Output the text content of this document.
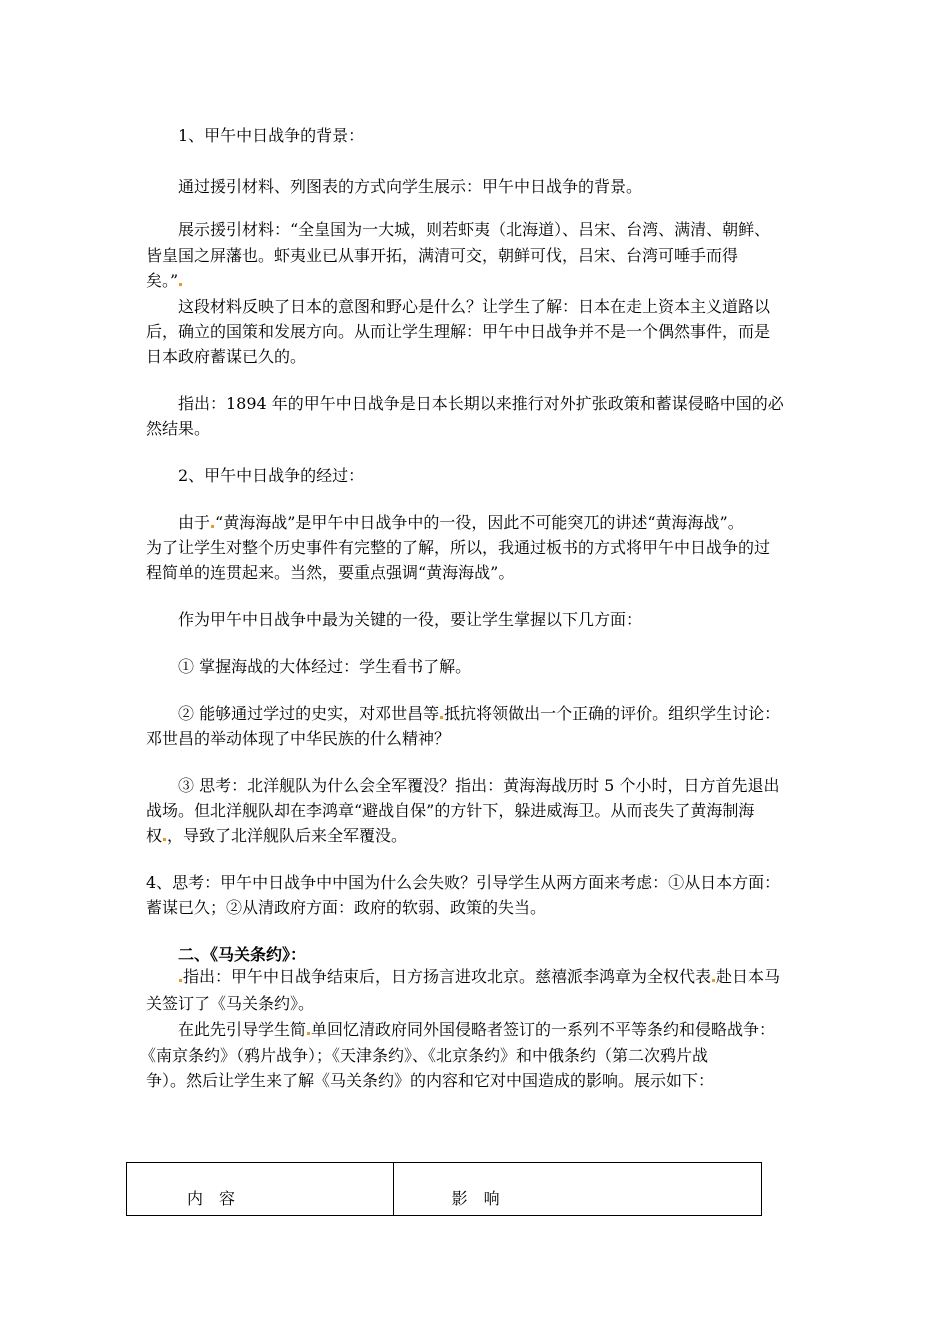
1、甲午中日战争的背景：
通过援引材料、列图表的方式向学生展示：甲午中日战争的背景。
展示援引材料：“全皇国为一大城，则若虾夷（北海道）、吕宋、台湾、满清、朝鲜、
皆皇国之屏藩也。虾夷业已从事开拓，满清可交，朝鲜可伐，吕宋、台湾可唾手而得
矣。”
这段材料反映了日本的意图和野心是什么？让学生了解：日本在走上资本主义道路以
后，确立的国策和发展方向。从而让学生理解：甲午中日战争并不是一个偶然事件，而是
日本政府蓄谋已久的。
指出：1894 年的甲午中日战争是日本长期以来推行对外扩张政策和蓄谋侵略中国的必
然结果。
2、甲午中日战争的经过：
由于 “黄海海战”是甲午中日战争中的一役，因此不可能突兀的讲述“黄海海战”。
为了让学生对整个历史事件有完整的了解，所以，我通过板书的方式将甲午中日战争的过
程简单的连贯起来。当然，要重点强调“黄海海战”。
作为甲午中日战争中最为关键的一役，要让学生掌握以下几方面：
① 掌握海战的大体经过：学生看书了解。
② 能够通过学过的史实，对邓世昌等 抵抗将领做出一个正确的评价。组织学生讨论：
邓世昌的举动体现了中华民族的什么精神？
③ 思考：北洋舰队为什么会全军覆没？指出：黄海海战历时 5 个小时，日方首先退出
战场。但北洋舰队却在李鸿章“避战自保”的方针下，躲进威海卫。从而丧失了黄海制海
权 ，导致了北洋舰队后来全军覆没。
4、思考：甲午中日战争中中国为什么会失败？引导学生从两方面来考虑：①从日本方面：
蓄谋已久；②从清政府方面：政府的软弱、政策的失当。
二、《马关条约》：
指出：甲午中日战争结束后，日方扬言进攻北京。慈禧派李鸿章为全权代表 赴日本马
关签订了《马关条约》。
在此先引导学生简 单回忆清政府同外国侵略者签订的一系列不平等条约和侵略战争：
《南京条约》（鸦片战争）；《天津条约》、《北京条约》和中俄条约（第二次鸦片战
争）。然后让学生来了解《马关条约》的内容和它对中国造成的影响。展示如下：
内　容	影　响
